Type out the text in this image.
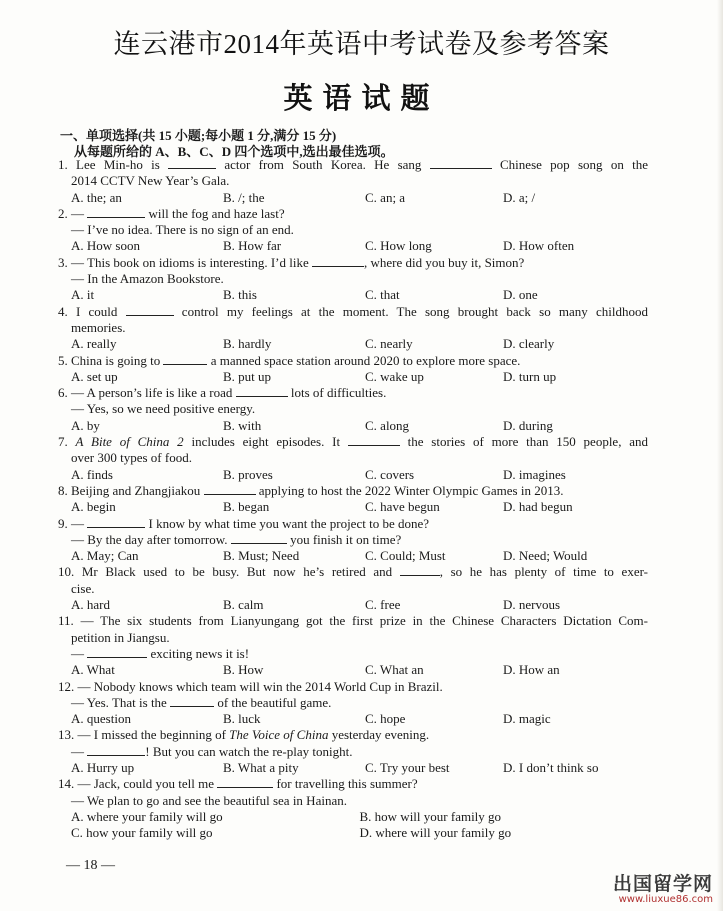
连云港市2014年英语中考试卷及参考答案
英语试题
一、单项选择(共 15 小题;每小题 1 分,满分 15 分)
从每题所给的 A、B、C、D 四个选项中,选出最佳选项。
1. Lee Min-ho is	actor from South Korea. He sang	Chinese pop song on the
2014 CCTV New Year’s Gala.
A. the; an	B. /; the	C. an; a	D. a; /
2. —	will the fog and haze last?
— I’ve no idea. There is no sign of an end.
A. How soon	B. How far	C. How long	D. How often
3. — This book on idioms is interesting. I’d like	, where did you buy it, Simon?
— In the Amazon Bookstore.
A. it	B. this	C. that	D. one
4. I could	control my feelings at the moment. The song brought back so many childhood
memories.
A. really	B. hardly	C. nearly	D. clearly
5. China is going to	a manned space station around 2020 to explore more space.
A. set up	B. put up	C. wake up	D. turn up
6. — A person’s life is like a road	lots of difficulties.
— Yes, so we need positive energy.
A. by	B. with	C. along	D. during
7. A Bite of China 2 includes eight episodes. It	the stories of more than 150 people, and
over 300 types of food.
A. finds	B. proves	C. covers	D. imagines
8. Beijing and Zhangjiakou	applying to host the 2022 Winter Olympic Games in 2013.
A. begin	B. began	C. have begun	D. had begun
9. —	I know by what time you want the project to be done?
— By the day after tomorrow.	you finish it on time?
A. May; Can	B. Must; Need	C. Could; Must	D. Need; Would
10. Mr Black used to be busy. But now he’s retired and	, so he has plenty of time to exer-
cise.
A. hard	B. calm	C. free	D. nervous
11. — The six students from Lianyungang got the first prize in the Chinese Characters Dictation Com-
petition in Jiangsu.
—	exciting news it is!
A. What	B. How	C. What an	D. How an
12. — Nobody knows which team will win the 2014 World Cup in Brazil.
— Yes. That is the	of the beautiful game.
A. question	B. luck	C. hope	D. magic
13. — I missed the beginning of The Voice of China yesterday evening.
—	! But you can watch the re-play tonight.
A. Hurry up	B. What a pity	C. Try your best	D. I don’t think so
14. — Jack, could you tell me	for travelling this summer?
— We plan to go and see the beautiful sea in Hainan.
A. where your family will go	B. how will your family go
C. how your family will go	D. where will your family go
— 18 —
出国留学网
www.liuxue86.com
